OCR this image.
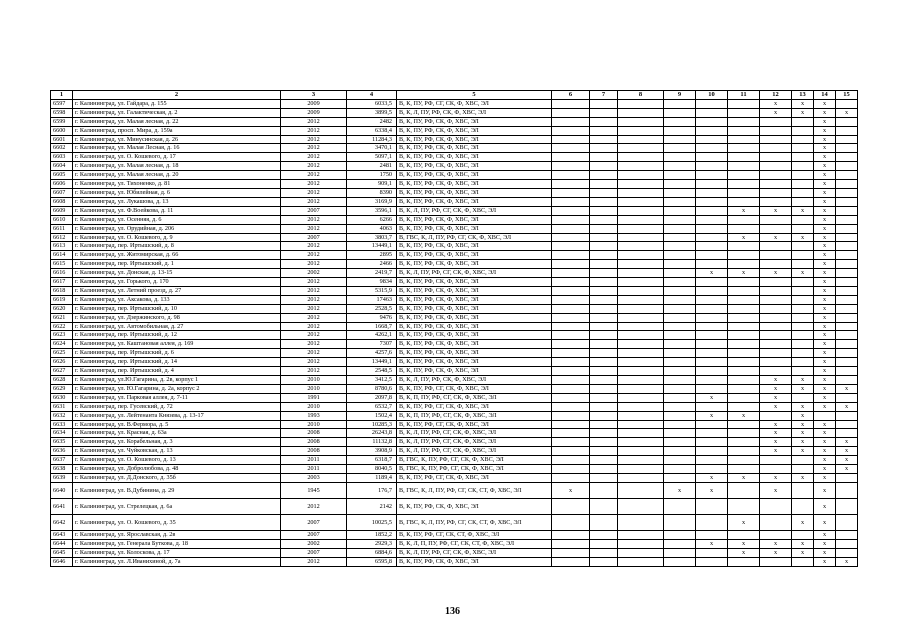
1	2	3	4	5	6	7	8	9	10	11	12	13	14	15
6597	г. Калининград, ул. Гайдара, д. 155	2009	6033,5	В, К, ПУ, РФ, СГ, СК, Ф, ХВС, ЭЛ							x	x	x	
6598	г. Калининград, ул. Галактическая, д. 2	2009	3899,5	В, К, Л, ПУ, РФ, СК, Ф, ХВС, ЭЛ							x	x	x	x
6599	г. Калининград, ул. Малая лесная, д. 22	2012	2482	В, К, ПУ, РФ, СК, Ф, ХВС, ЭЛ									x	
6600	г. Калининград, просп. Мира, д. 159а	2012	6338,4	В, К, ПУ, РФ, СК, Ф, ХВС, ЭЛ									x	
6601	г. Калининград, ул. Минусинская, д. 26	2012	11284,3	В, К, ПУ, РФ, СК, Ф, ХВС, ЭЛ									x	
6602	г. Калининград, ул. Малая Лесная, д. 16	2012	3470,1	В, К, ПУ, РФ, СК, Ф, ХВС, ЭЛ									x	
6603	г. Калининград, ул. О. Кошевого, д. 17	2012	5097,1	В, К, ПУ, РФ, СК, Ф, ХВС, ЭЛ									x	
6604	г. Калининград, ул. Малая лесная, д. 18	2012	2481	В, К, ПУ, РФ, СК, Ф, ХВС, ЭЛ									x	
6605	г. Калининград, ул. Малая лесная, д. 20	2012	1750	В, К, ПУ, РФ, СК, Ф, ХВС, ЭЛ									x	
6606	г. Калининград, ул. Тихоненко, д. 81	2012	909,1	В, К, ПУ, РФ, СК, Ф, ХВС, ЭЛ									x	
6607	г. Калининград, ул. Юбилейная, д. 6	2012	8390	В, К, ПУ, РФ, СК, Ф, ХВС, ЭЛ									x	
6608	г. Калининград, ул. Лукашова, д. 13	2012	3169,9	В, К, ПУ, РФ, СК, Ф, ХВС, ЭЛ									x	
6609	г. Калининград, ул. Ф.Воейкова, д. 11	2007	3596,1	В, К, Л, ПУ, РФ, СГ, СК, Ф, ХВС, ЭЛ						x	x	x	x	
6610	г. Калининград, ул. Осенняя, д. 6	2012	6266	В, К, ПУ, РФ, СК, Ф, ХВС, ЭЛ									x	
6611	г. Калининград, ул. Орудийная, д. 206	2012	4063	В, К, ПУ, РФ, СК, Ф, ХВС, ЭЛ									x	
6612	г. Калининград, ул. О. Кошевого, д. 9	2007	3803,7	В, ГВС, К, Л, ПУ, РФ, СГ, СК, Ф, ХВС, ЭЛ						x	x	x	x	
6613	г. Калининград, пер. Иртышский, д. 8	2012	13449,1	В, К, ПУ, РФ, СК, Ф, ХВС, ЭЛ									x	
6614	г. Калининград, ул. Житомирская, д. 66	2012	2895	В, К, ПУ, РФ, СК, Ф, ХВС, ЭЛ									x	
6615	г. Калининград, пер. Иртышский, д. 1	2012	2466	В, К, ПУ, РФ, СК, Ф, ХВС, ЭЛ									x	
6616	г. Калининград, ул. Донская, д. 13-15	2002	2419,7	В, К, Л, ПУ, РФ, СГ, СК, Ф, ХВС, ЭЛ					x	x	x	x	x	
6617	г. Калининград, ул. Горького, д. 170	2012	9834	В, К, ПУ, РФ, СК, Ф, ХВС, ЭЛ									x	
6618	г. Калининград, ул. Летний проезд, д. 27	2012	5315,9	В, К, ПУ, РФ, СК, Ф, ХВС, ЭЛ									x	
6619	г. Калининград, ул. Аксакова, д. 133	2012	17463	В, К, ПУ, РФ, СК, Ф, ХВС, ЭЛ									x	
6620	г. Калининград, пер. Иртышский, д. 10	2012	2528,5	В, К, ПУ, РФ, СК, Ф, ХВС, ЭЛ									x	
6621	г. Калининград, ул. Дзержинского, д. 98	2012	9476	В, К, ПУ, РФ, СК, Ф, ХВС, ЭЛ									x	
6622	г. Калининград, ул. Автомобильная, д. 27	2012	1668,7	В, К, ПУ, РФ, СК, Ф, ХВС, ЭЛ									x	
6623	г. Калининград, пер. Иртышский, д. 12	2012	4262,1	В, К, ПУ, РФ, СК, Ф, ХВС, ЭЛ									x	
6624	г. Калининград, ул. Каштановая аллея, д. 169	2012	7307	В, К, ПУ, РФ, СК, Ф, ХВС, ЭЛ									x	
6625	г. Калининград, пер. Иртышский, д. 6	2012	4257,6	В, К, ПУ, РФ, СК, Ф, ХВС, ЭЛ									x	
6626	г. Калининград, пер. Иртышский, д. 14	2012	13449,1	В, К, ПУ, РФ, СК, Ф, ХВС, ЭЛ									x	
6627	г. Калининград, пер. Иртышский, д. 4	2012	2548,5	В, К, ПУ, РФ, СК, Ф, ХВС, ЭЛ									x	
6628	г. Калининград, ул.Ю.Гагарина, д. 2в, корпус 1	2010	3412,5	В, К, Л, ПУ, РФ, СК, Ф, ХВС, ЭЛ							x	x	x	
6629	г. Калининград, ул. Ю.Гагарина, д. 2а, корпус 2	2010	8780,6	В, К, ПУ, РФ, СГ, СК, Ф, ХВС, ЭЛ							x	x	x	x
6630	г. Калининград, ул. Парковая аллея, д. 7-11	1991	2097,8	В, К, П, ПУ, РФ, СГ, СК, Ф, ХВС, ЭЛ					x		x		x	
6631	г. Калининград, пер. Гусевский, д. 72	2010	6532,7	В, К, ПУ, РФ, СГ, СК, Ф, ХВС, ЭЛ							x	x	x	x
6632	г. Калининград, ул. Лейтенанта Князева, д. 13-17	1993	1502,4	В, К, П, ПУ, РФ, СГ, СК, Ф, ХВС, ЭЛ					x	x		x		
6633	г. Калининград, ул. В.Фермора, д. 5	2010	10285,3	В, К, ПУ, РФ, СГ, СК, Ф, ХВС, ЭЛ							x	x	x	
6634	г. Калининград, ул. Красная, д. 63а	2008	26243,8	В, К, Л, ПУ, РФ, СГ, СК, Ф, ХВС, ЭЛ							x	x	x	
6635	г. Калининград, ул. Корабельная, д. 3	2008	11132,8	В, К, Л, ПУ, РФ, СГ, СК, Ф, ХВС, ЭЛ							x	x	x	x
6636	г. Калининград, ул. Чуйковская, д. 13	2008	3908,9	В, К, Л, ПУ, РФ, СГ, СК, Ф, ХВС, ЭЛ							x	x	x	x
6637	г. Калининград, ул. О. Кошевого, д. 13	2011	6318,7	В, ГВС, К, ПУ, РФ, СГ, СК, Ф, ХВС, ЭЛ									x	x
6638	г. Калининград, ул. Добролюбова, д. 48	2011	8040,5	В, ГВС, К, ПУ, РФ, СГ, СК, Ф, ХВС, ЭЛ									x	x
6639	г. Калининград, ул. Д.Донского, д. 35б	2003	1189,4	В, К, ПУ, РФ, СГ, СК, Ф, ХВС, ЭЛ					x	x	x	x	x	
6640	г. Калининград, ул. В.Дубинина, д. 29	1945	176,7	В, ГВС, К, Л, ПУ, РФ, СГ, СК, СТ, Ф, ХВС, ЭЛ	x			x	x		x		x	
6641	г. Калининград, ул. Стрелецкая, д. 6а	2012	2142	В, К, ПУ, РФ, СК, Ф, ХВС, ЭЛ									x	
6642	г. Калининград, ул. О. Кошевого, д. 35	2007	10025,5	В, ГВС, К, Л, ПУ, РФ, СГ, СК, СТ, Ф, ХВС, ЭЛ						x		x	x	
6643	г. Калининград, ул. Ярославская, д. 2в	2007	1852,2	В, К, ПУ, РФ, СГ, СК, СТ, Ф, ХВС, ЭЛ									x	
6644	г. Калининград, ул. Генерала Буткова, д. 18	2002	2929,3	В, К, Л, П, ПУ, РФ, СГ, СК, СТ, Ф, ХВС, ЭЛ					x	x	x	x	x	
6645	г. Калининград, ул. Колоскова, д. 17	2007	6884,6	В, К, Л, ПУ, РФ, СГ, СК, Ф, ХВС, ЭЛ						x	x	x	x	
6646	г. Калининград, ул. Л.Иванихиной, д. 7а	2012	6595,8	В, К, ПУ, РФ, СК, Ф, ХВС, ЭЛ									x	x
136
